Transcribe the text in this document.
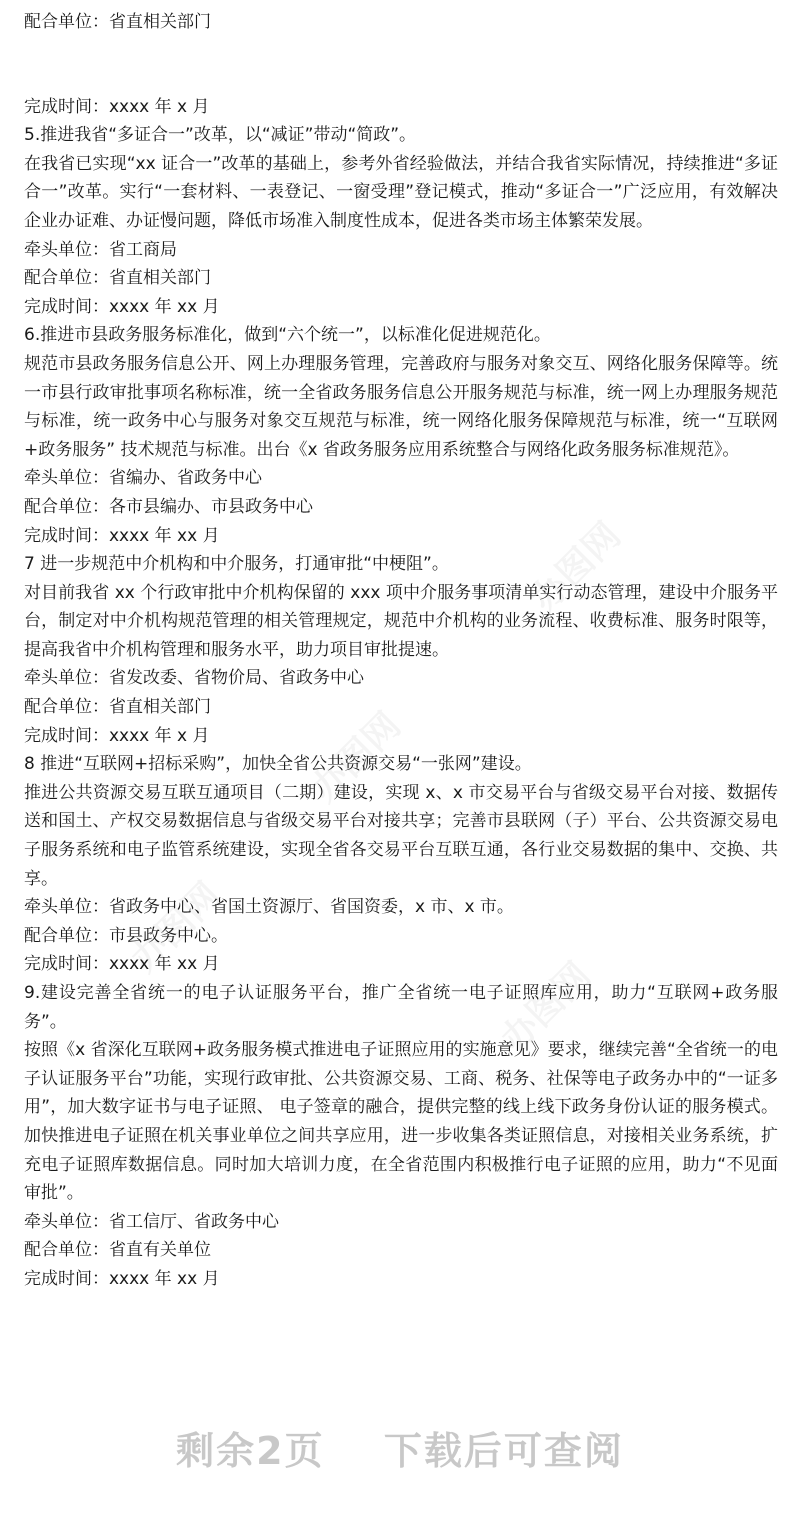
配合单位：省直相关部门

完成时间：xxxx 年 x 月

5.推进我省“多证合一”改革，以“减证”带动“简政”。

在我省已实现“xx 证合一”改革的基础上，参考外省经验做法，并结合我省实际情况，持续推进“多证合一”改革。实行“一套材料、一表登记、一窗受理”登记模式，推动“多证合一”广泛应用，有效解决企业办证难、办证慢问题，降低市场准入制度性成本，促进各类市场主体繁荣发展。

牵头单位：省工商局

配合单位：省直相关部门

完成时间：xxxx 年 xx 月

6.推进市县政务服务标准化，做到“六个统一”，以标准化促进规范化。

规范市县政务服务信息公开、网上办理服务管理，完善政府与服务对象交互、网络化服务保障等。统一市县行政审批事项名称标准，统一全省政务服务信息公开服务规范与标准，统一网上办理服务规范与标准，统一政务中心与服务对象交互规范与标准，统一网络化服务保障规范与标准，统一“互联网+政务服务” 技术规范与标准。出台《x 省政务服务应用系统整合与网络化政务服务标准规范》。

牵头单位：省编办、省政务中心

配合单位：各市县编办、市县政务中心

完成时间：xxxx 年 xx 月

7 进一步规范中介机构和中介服务，打通审批“中梗阻”。

对目前我省 xx 个行政审批中介机构保留的 xxx 项中介服务事项清单实行动态管理，建设中介服务平台，制定对中介机构规范管理的相关管理规定，规范中介机构的业务流程、收费标准、服务时限等，提高我省中介机构管理和服务水平，助力项目审批提速。

牵头单位：省发改委、省物价局、省政务中心

配合单位：省直相关部门

完成时间：xxxx 年 x 月

8 推进“互联网+招标采购”，加快全省公共资源交易“一张网”建设。

推进公共资源交易互联互通项目（二期）建设，实现 x、x 市交易平台与省级交易平台对接、数据传送和国土、产权交易数据信息与省级交易平台对接共享；完善市县联网（子）平台、公共资源交易电子服务系统和电子监管系统建设，实现全省各交易平台互联互通，各行业交易数据的集中、交换、共享。

牵头单位：省政务中心、省国土资源厅、省国资委，x 市、x 市。

配合单位：市县政务中心。

完成时间：xxxx 年 xx 月

9.建设完善全省统一的电子认证服务平台，推广全省统一电子证照库应用，助力“互联网+政务服务”。

按照《x 省深化互联网+政务服务模式推进电子证照应用的实施意见》要求，继续完善“全省统一的电子认证服务平台”功能，实现行政审批、公共资源交易、工商、税务、社保等电子政务办中的“一证多用”，加大数字证书与电子证照、 电子签章的融合，提供完整的线上线下政务身份认证的服务模式。加快推进电子证照在机关事业单位之间共享应用，进一步收集各类证照信息，对接相关业务系统，扩充电子证照库数据信息。同时加大培训力度，在全省范围内积极推行电子证照的应用，助力“不见面审批”。

牵头单位：省工信厅、省政务中心

配合单位：省直有关单位

完成时间：xxxx 年 xx 月

剩余2页 下载后可查阅
